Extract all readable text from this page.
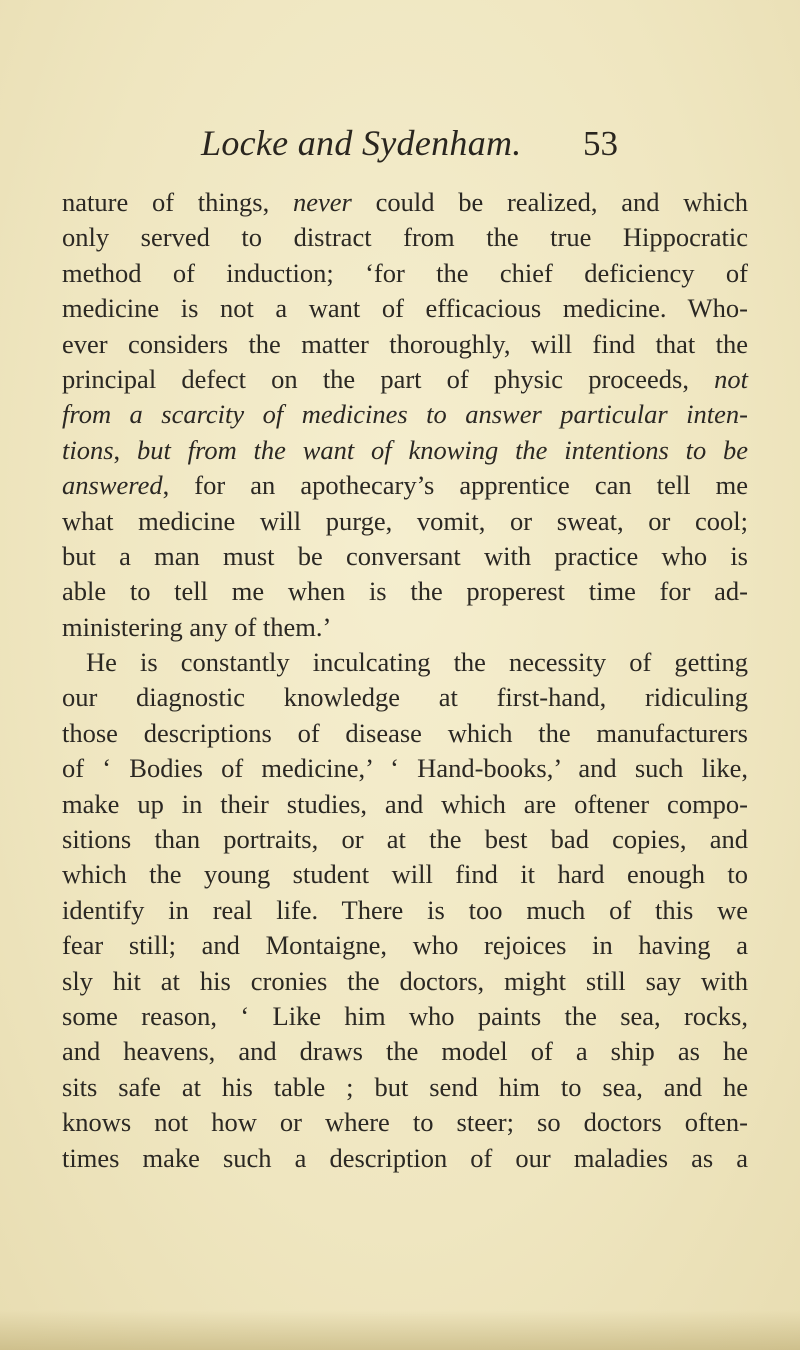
Locke and Sydenham. 53
nature of things, never could be realized, and which
only served to distract from the true Hippocratic
method of induction; ‘for the chief deficiency of
medicine is not a want of efficacious medicine. Who-
ever considers the matter thoroughly, will find that the
principal defect on the part of physic proceeds, not
from a scarcity of medicines to answer particular inten-
tions, but from the want of knowing the intentions to be
answered, for an apothecary’s apprentice can tell me
what medicine will purge, vomit, or sweat, or cool;
but a man must be conversant with practice who is
able to tell me when is the properest time for ad-
ministering any of them.’
He is constantly inculcating the necessity of getting
our diagnostic knowledge at first-hand, ridiculing
those descriptions of disease which the manufacturers
of ‘ Bodies of medicine,’ ‘ Hand-books,’ and such like,
make up in their studies, and which are oftener compo-
sitions than portraits, or at the best bad copies, and
which the young student will find it hard enough to
identify in real life. There is too much of this we
fear still; and Montaigne, who rejoices in having a
sly hit at his cronies the doctors, might still say with
some reason, ‘ Like him who paints the sea, rocks,
and heavens, and draws the model of a ship as he
sits safe at his table ; but send him to sea, and he
knows not how or where to steer; so doctors often-
times make such a description of our maladies as a
